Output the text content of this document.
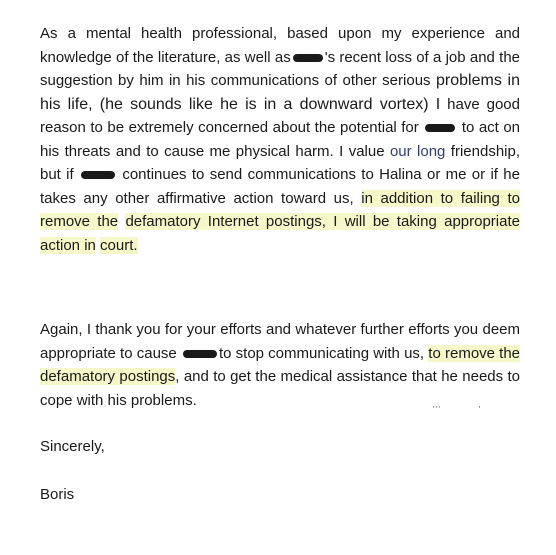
As a mental health professional, based upon my experience and knowledge of the literature, as well as 's recent loss of a job and the suggestion by him in his communications of other serious problems in his life, (he sounds like he is in a downward vortex) I have good reason to be extremely concerned about the potential for	to act on his threats and to cause me physical harm. I value our long friendship, but if	continues to send communications to Halina or me or if he takes any other affirmative action toward us, in addition to failing to remove the defamatory Internet postings, I will be taking appropriate action in court.
Again, I thank you for your efforts and whatever further efforts you deem appropriate to cause	to stop communicating with us, to remove the defamatory postings, and to get the medical assistance that he needs to cope with his problems.
Sincerely,
Boris
⋅⋅⋅	⋅
